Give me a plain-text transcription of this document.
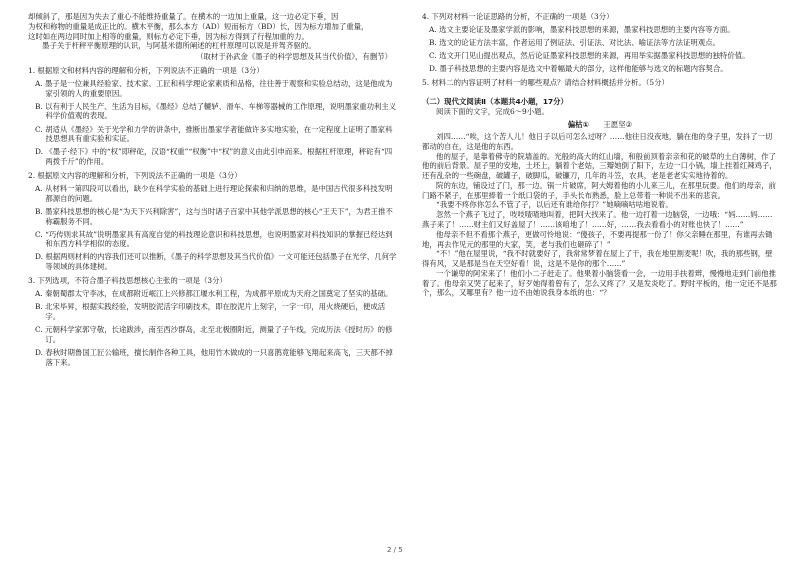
却倾斜了，那是因为失去了重心不能维持重量了。在横木的一边加上重量，这一边必定下垂，因

为权和称物的重量是成正比的。横木平衡，那么本方（AD）短而标方（BD）长，因为标方增加了重量，

这时如在两边同时加上相等的重量，则标方必定下垂，因为标方得到了行程加重的力。

墨子关于杆秤平衡原理的认识，与阿基米德所阐述的杠杆原理可以说是并驾齐驱的。

（取材于孙武金《墨子的科学思想及其当代价值》，有删节）

1. 根据原文和材料内容的理解和分析，下列说法不正确的一项是（3分）

A. 墨子是一位兼具经验家、技术家、工匠和科学理论家素质和品格，往往善于观察和实验总结动，这是他成为家引领的人的重要原因。

B. 以有利于人民生产、生活为目标，《墨经》总结了轆轳、滑车、车梯等器械的工作原理，说明墨家重功利主义科学价值观的表现。

C. 胡适从《墨经》关于光学和力学的讲条中，推断出墨家学者能做许多实地实验，在一定程度上证明了墨家科技思想具有重实验和实证。

D. 《墨子·经下》中的“权”即秤砣，汉语“权重”“权衡”中“权”的意义由此引申而来。根据杠杆原理，秤砣有“四两拨千斤”的作用。

2. 根据原文内容的理解和分析，下列说法不正确的一项是（3分）

A. 从材料一第四段可以看出，缺少在科学实验的基础上进行理论探索和归纳的思维，是中国古代很多科技发明都源自的问题。

B. 墨家科技思想的核心是“为天下兴利除害”，这与当时诸子百家中其他学派思想的核心“王天下”，为君王推不称霸服务不同。

C. “巧传则求其故”说明墨家具有高度自觉的科技理论意识和科技思想，也说明墨家对科技知识的掌握已经达到和东西方科学相似的态度。

D. 根据两则材料的内容我们还可以推断，《墨子的科学思想及其当代价值》一文可能还包括墨子在光学、几何学等领域的具体建树。

3. 下列选项，不符合墨子科技思想核心主张的一项是（3分）

A. 秦朝蜀郡太守李冰，在成都附近岷江上兴修都江堰水利工程，为成都平原成为天府之国奠定了坚实的基础。

B. 北宋毕昇，根据实践经验，发明胶泥活字印刷技术，即在胶泥片上刻字，一字一印，用火烧硬后，便成活字。

C. 元朝科学家郭守敬，长途跋涉，南至西沙群岛，北至北极圈附近，测量了子午线，完成历法《授时历》的修订。

D. 春秋时期鲁国工匠公输班，擅长制作各种工具，他用竹木做成的一只喜鹊竟能够飞翔起来高飞，三天都不掉落下来。

4. 下列对材料一论证思路的分析，不正确的一项是（3分）

A. 选文主要论证及墨家学派的影响，墨家科技思想的来源，墨家科技思想的主要内容等方面。

B. 选文的论证方法丰富，作者运用了例证法、引证法、对比法、喻证法等方法证明观点。

C. 选文开门见山提出观点，然后论证墨家科技思想的来源，再用举实据墨家科技思想的独特价值。

D. 墨子科技思想的主要内容是选文中着幅最大的部分，这样他能够与选文的标题内容契合。

5. 材料二的内容证明了材料一的哪些观点？请结合材料概括并分析。（5分）

（二）现代文阅读Ⅱ（本题共4小题，17分）

阅读下面的文字，完成6～9小题。

偏枯① 王愿坚②

刘四……“唉，这个苦人儿！他日子以后可怎么过呀？……他往日没夜地，躺在他的身子里，发抖了一切都动的自在，这是他的东西。

他的屋子，是靠着佛寺的院墙盖的。光般的高大的红山墙，和般前顶着亲亲和花的破草的土白薄树，作了他的前后背景。屋子里的安地，土坯上，躺着个老姑，三瓣她倒了阳下，左边一口小锅，墙上挂着红辣鸡子，还有乱杂的一些碗盘，破罐子，破脚瓜，破镰刀，几年的斗笠，农具，老是老老实实地待着的。

院的东边，铺设过了门，那一边。锅一片破席，阿大姆着他的小儿来三儿，在那里玩要。他们的母亲，前门路不紧子，在那里捧着一个纸口袋的子，手头长布熟悉，脸上总带着一种说不出来的悲哀。

“我要不疼你你怎么不管了子，以后还有谁给你打？”她嘀嘀咕咕地说着。

忽然一个燕子飞过了，吱吱喳喳地叫着，把阿大找来了。他一边打着一边脑袋，一边哦：“妈……妈……燕子来了！……财主们又好盖屋了！……该咱地了！……好，……我去看看小的对账也快了！……”

他母亲不但不看那个燕子，更做可怜地说：“傻孩子，不要再提那一份了！你父亲睡在那里，有谁再去锄地，再去作见元的那里的大家，笑，老与我们也砸碎了！”

“不！”他在屋里说，“我不时就要好了，我常常梦着在屋上了干，我在地里割麦呢！吹，我的那些钢，壁得有风，又是那是当在天空好看！说，这是不是你的那个……”

一个谦卑的阿宋来了！他们小二子赶走了。他果着小脑袋看一会，一边用手扶着辫，慢慢地走到门前他推着了。他母亲又哭了起来了，好歹她得着曾有了，怎么又疼了？又是发炎吃了。野时平板的，他一定还不是那个，那么，又哪里有？他一边不由她说我身本纸的也：“？

2 / 5
